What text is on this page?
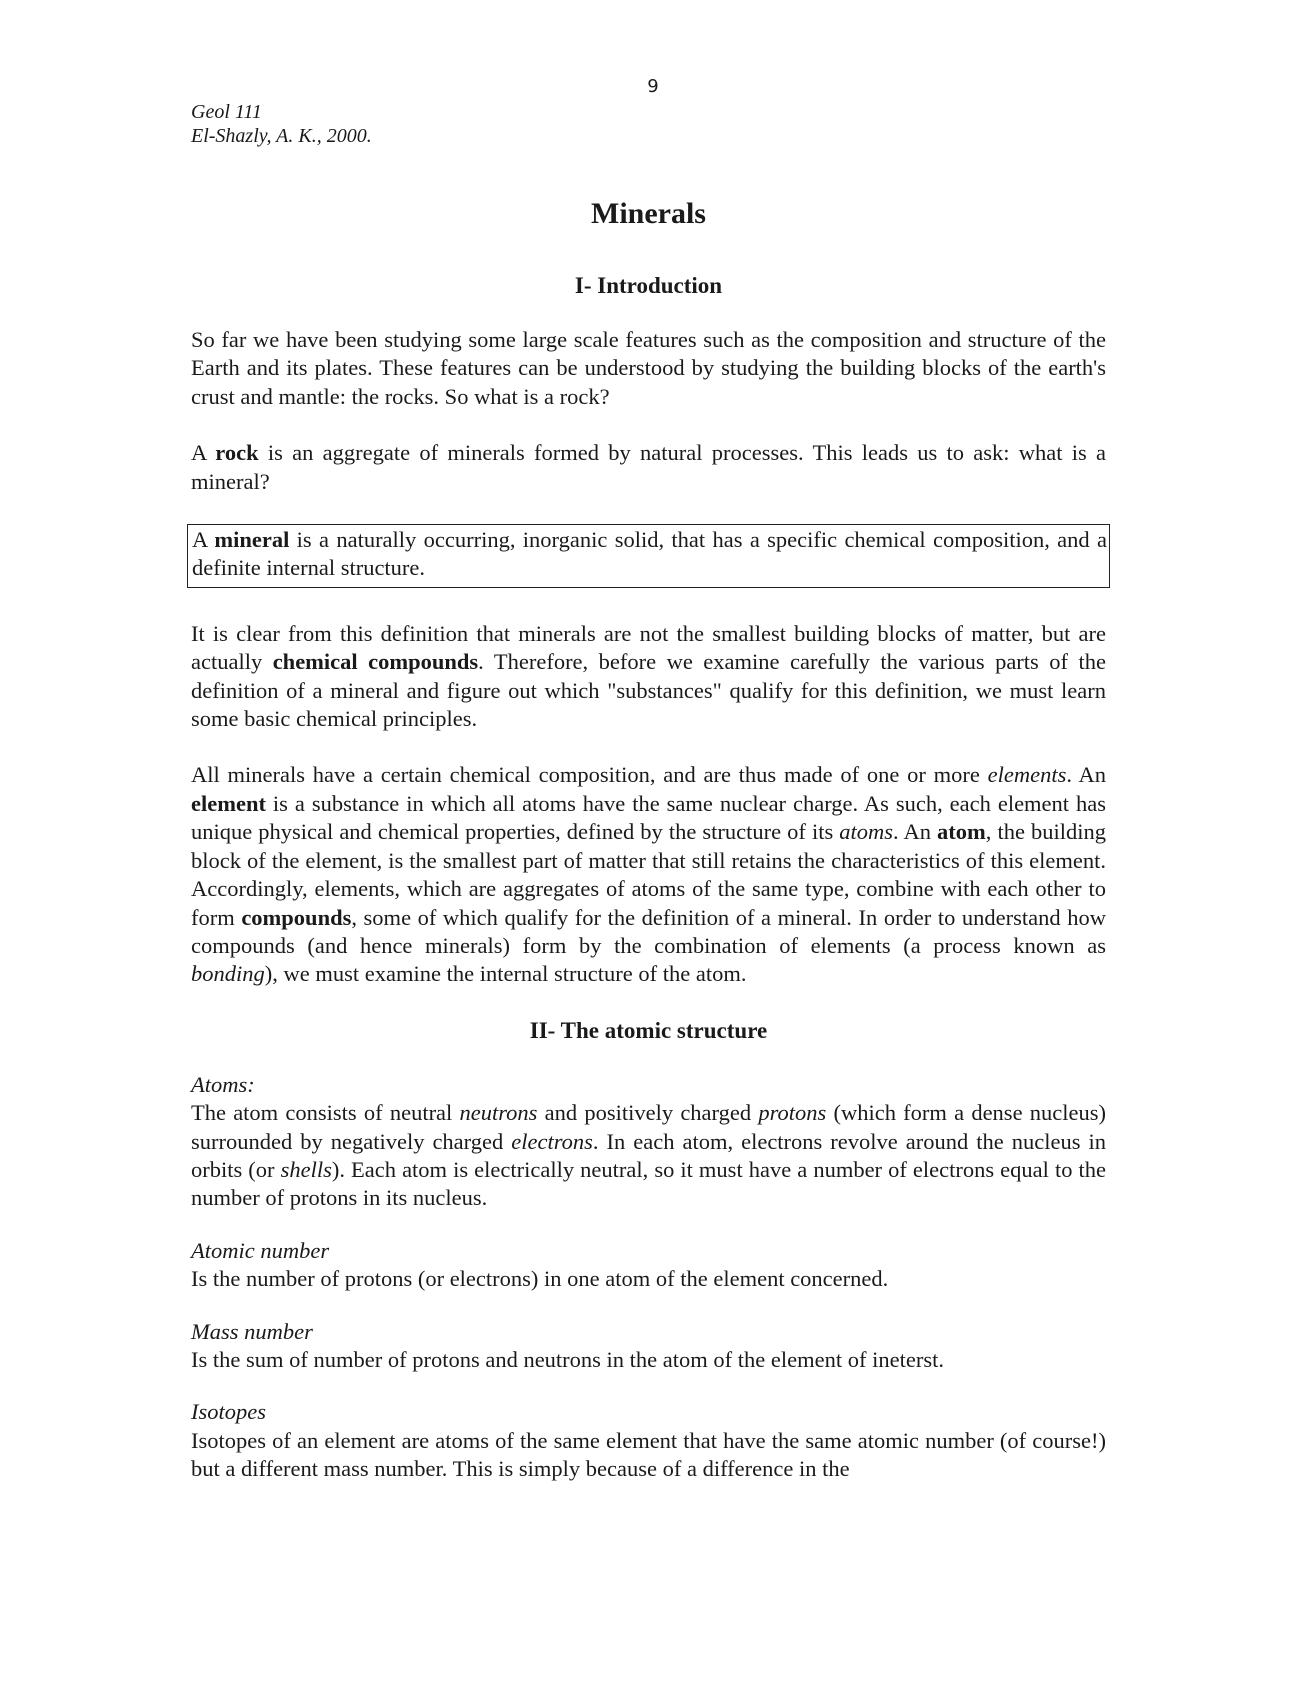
9
Geol 111
El-Shazly, A. K., 2000.
Minerals
I- Introduction

So far we have been studying some large scale features such as the composition and structure of the Earth and its plates. These features can be understood by studying the building blocks of the earth's crust and mantle: the rocks. So what is a rock?

A rock is an aggregate of minerals formed by natural processes. This leads us to ask: what is a mineral?

A mineral is a naturally occurring, inorganic solid, that has a specific chemical composition, and a definite internal structure.

It is clear from this definition that minerals are not the smallest building blocks of matter, but are actually chemical compounds. Therefore, before we examine carefully the various parts of the definition of a mineral and figure out which "substances" qualify for this definition, we must learn some basic chemical principles.

All minerals have a certain chemical composition, and are thus made of one or more elements. An element is a substance in which all atoms have the same nuclear charge. As such, each element has unique physical and chemical properties, defined by the structure of its atoms. An atom, the building block of the element, is the smallest part of matter that still retains the characteristics of this element. Accordingly, elements, which are aggregates of atoms of the same type, combine with each other to form compounds, some of which qualify for the definition of a mineral. In order to understand how compounds (and hence minerals) form by the combination of elements (a process known as bonding), we must examine the internal structure of the atom.

II- The atomic structure
Atoms:

The atom consists of neutral neutrons and positively charged protons (which form a dense nucleus) surrounded by negatively charged electrons. In each atom, electrons revolve around the nucleus in orbits (or shells). Each atom is electrically neutral, so it must have a number of electrons equal to the number of protons in its nucleus.

Atomic number

Is the number of protons (or electrons) in one atom of the element concerned.

Mass number

Is the sum of number of protons and neutrons in the atom of the element of ineterst.

Isotopes

Isotopes of an element are atoms of the same element that have the same atomic number (of course!) but a different mass number. This is simply because of a difference in the
